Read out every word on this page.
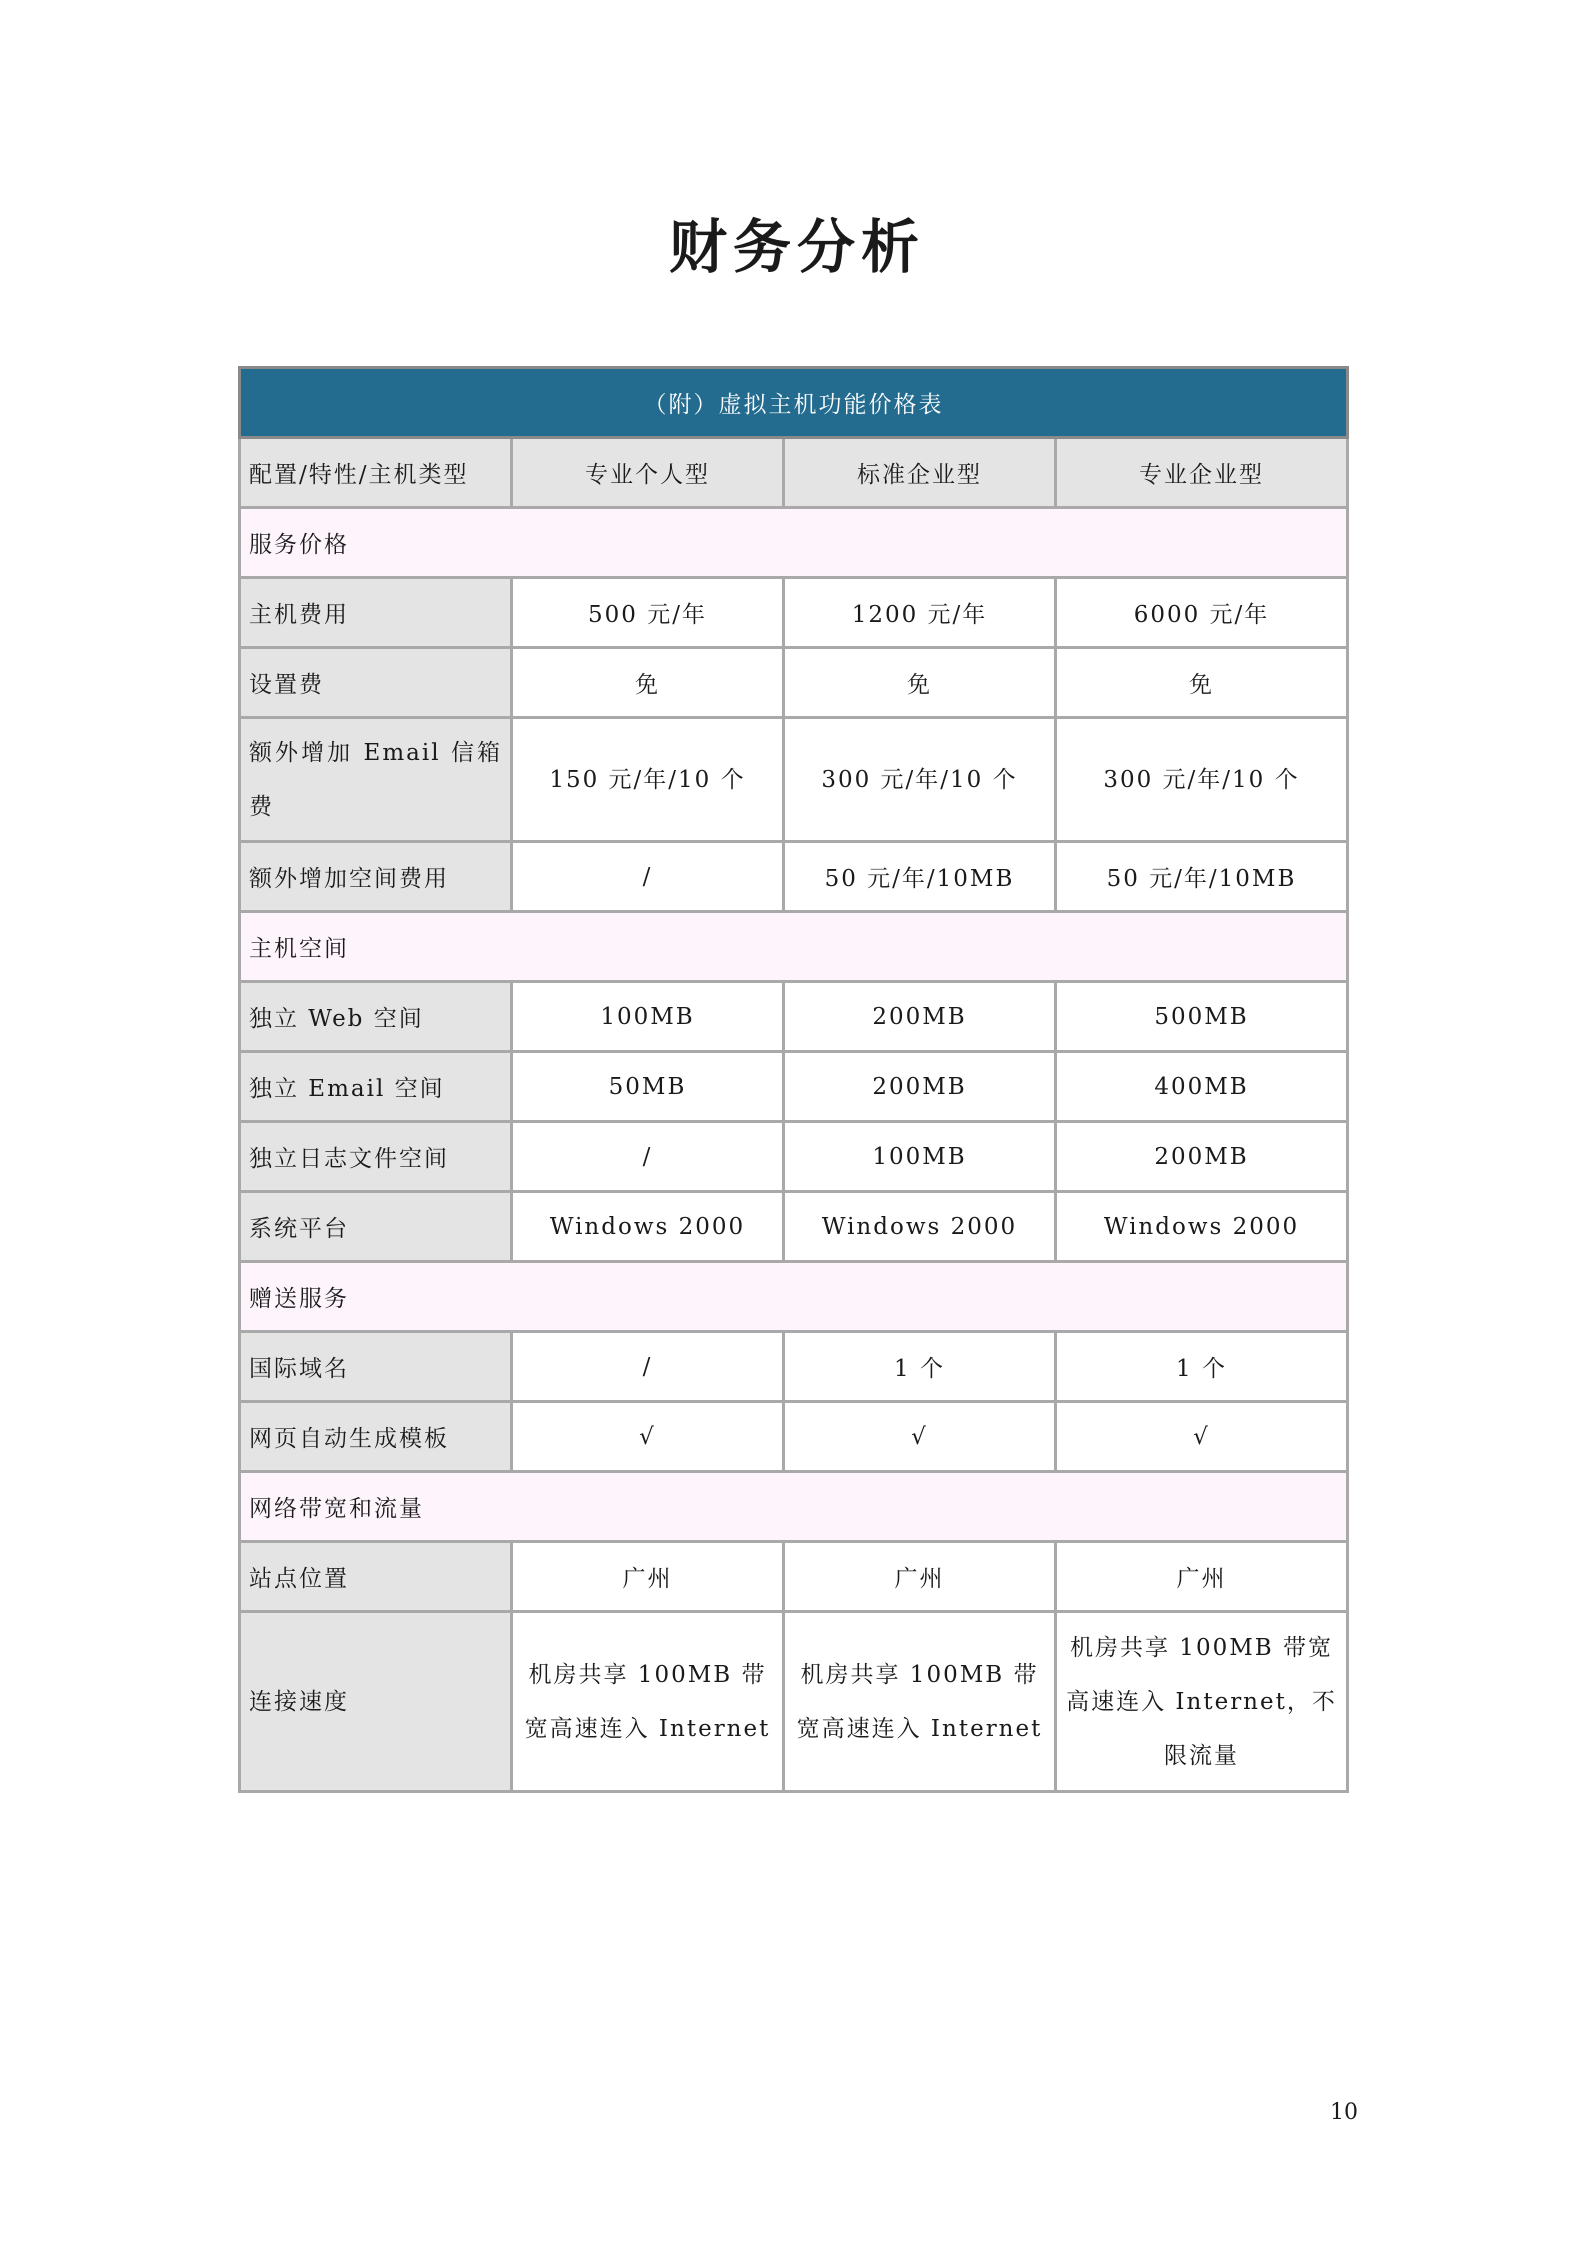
财务分析
（附）虚拟主机功能价格表			
配置/特性/主机类型	专业个人型	标准企业型	专业企业型
服务价格			
主机费用	500 元/年	1200 元/年	6000 元/年
设置费	免	免	免
额外增加 Email 信箱费	150 元/年/10 个	300 元/年/10 个	300 元/年/10 个
额外增加空间费用	/	50 元/年/10MB	50 元/年/10MB
主机空间			
独立 Web 空间	100MB	200MB	500MB
独立 Email 空间	50MB	200MB	400MB
独立日志文件空间	/	100MB	200MB
系统平台	Windows 2000	Windows 2000	Windows 2000
赠送服务			
国际域名	/	1 个	1 个
网页自动生成模板	√	√	√
网络带宽和流量			
站点位置	广州	广州	广州
连接速度	机房共享 100MB 带宽高速连入 Internet	机房共享 100MB 带宽高速连入 Internet	机房共享 100MB 带宽高速连入 Internet，不限流量
10
